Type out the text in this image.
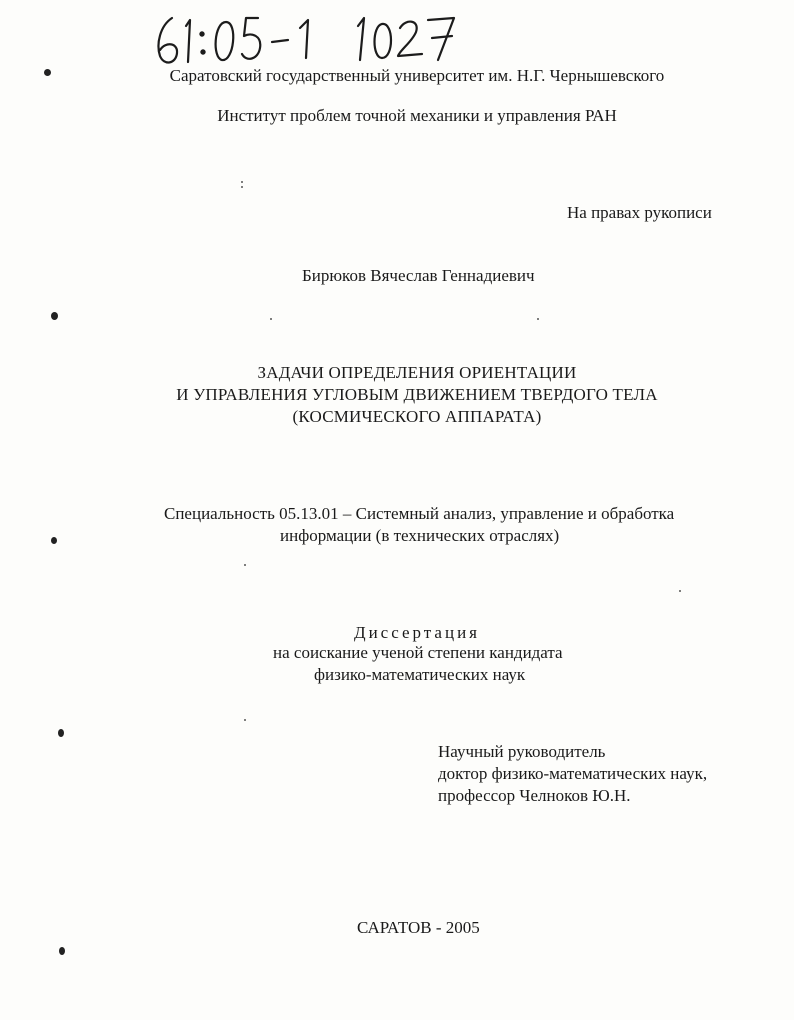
Саратовский государственный университет им. Н.Г. Чернышевского
Институт проблем точной механики и управления РАН
На правах рукописи
Бирюков Вячеслав Геннадиевич
ЗАДАЧИ ОПРЕДЕЛЕНИЯ ОРИЕНТАЦИИ
И УПРАВЛЕНИЯ УГЛОВЫМ ДВИЖЕНИЕМ ТВЕРДОГО ТЕЛА
(КОСМИЧЕСКОГО АППАРАТА)
Специальность 05.13.01 – Системный анализ, управление и обработка
информации (в технических отраслях)
Диссертация
на соискание ученой степени кандидата
физико-математических наук
Научный руководитель
доктор физико-математических наук,
профессор Челноков Ю.Н.
САРАТОВ - 2005
